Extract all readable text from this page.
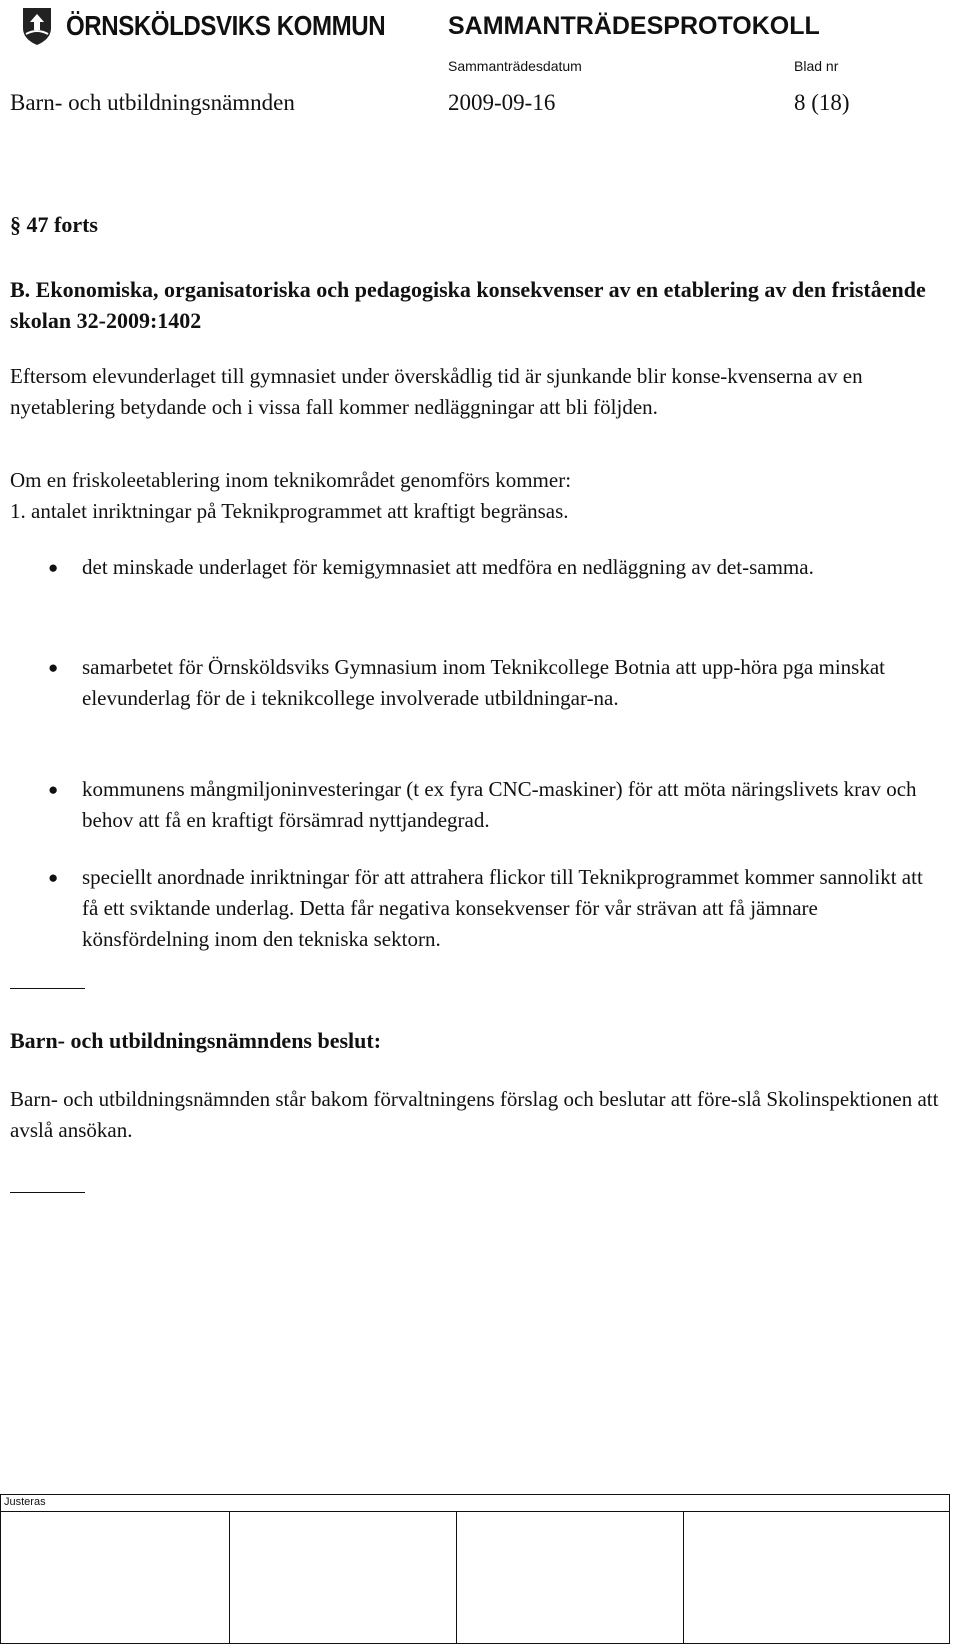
ÖRNSKÖLDSVIKS KOMMUN	SAMMANTRÄDESPROTOKOLL
Sammanträdesdatum	Blad nr
Barn- och utbildningsnämnden	2009-09-16	8 (18)
§ 47 forts

B. Ekonomiska, organisatoriska och pedagogiska konsekvenser av en etablering av den fristående skolan 32-2009:1402

Eftersom elevunderlaget till gymnasiet under överskådlig tid är sjunkande blir konse-kvenserna av en nyetablering betydande och i vissa fall kommer nedläggningar att bli följden.

Om en friskoleetablering inom teknikområdet genomförs kommer:

1. antalet inriktningar på Teknikprogrammet att kraftigt begränsas.

● det minskade underlaget för kemigymnasiet att medföra en nedläggning av det-samma.

● samarbetet för Örnsköldsviks Gymnasium inom Teknikcollege Botnia att upp-höra pga minskat elevunderlag för de i teknikcollege involverade utbildningar-na.

● kommunens mångmiljoninvesteringar (t ex fyra CNC-maskiner) för att möta näringslivets krav och behov att få en kraftigt försämrad nyttjandegrad.

● speciellt anordnade inriktningar för att attrahera flickor till Teknikprogrammet kommer sannolikt att få ett sviktande underlag. Detta får negativa konsekvenser för vår strävan att få jämnare könsfördelning inom den tekniska sektorn.

Barn- och utbildningsnämndens beslut:

Barn- och utbildningsnämnden står bakom förvaltningens förslag och beslutar att före-slå Skolinspektionen att avslå ansökan.

Justeras
